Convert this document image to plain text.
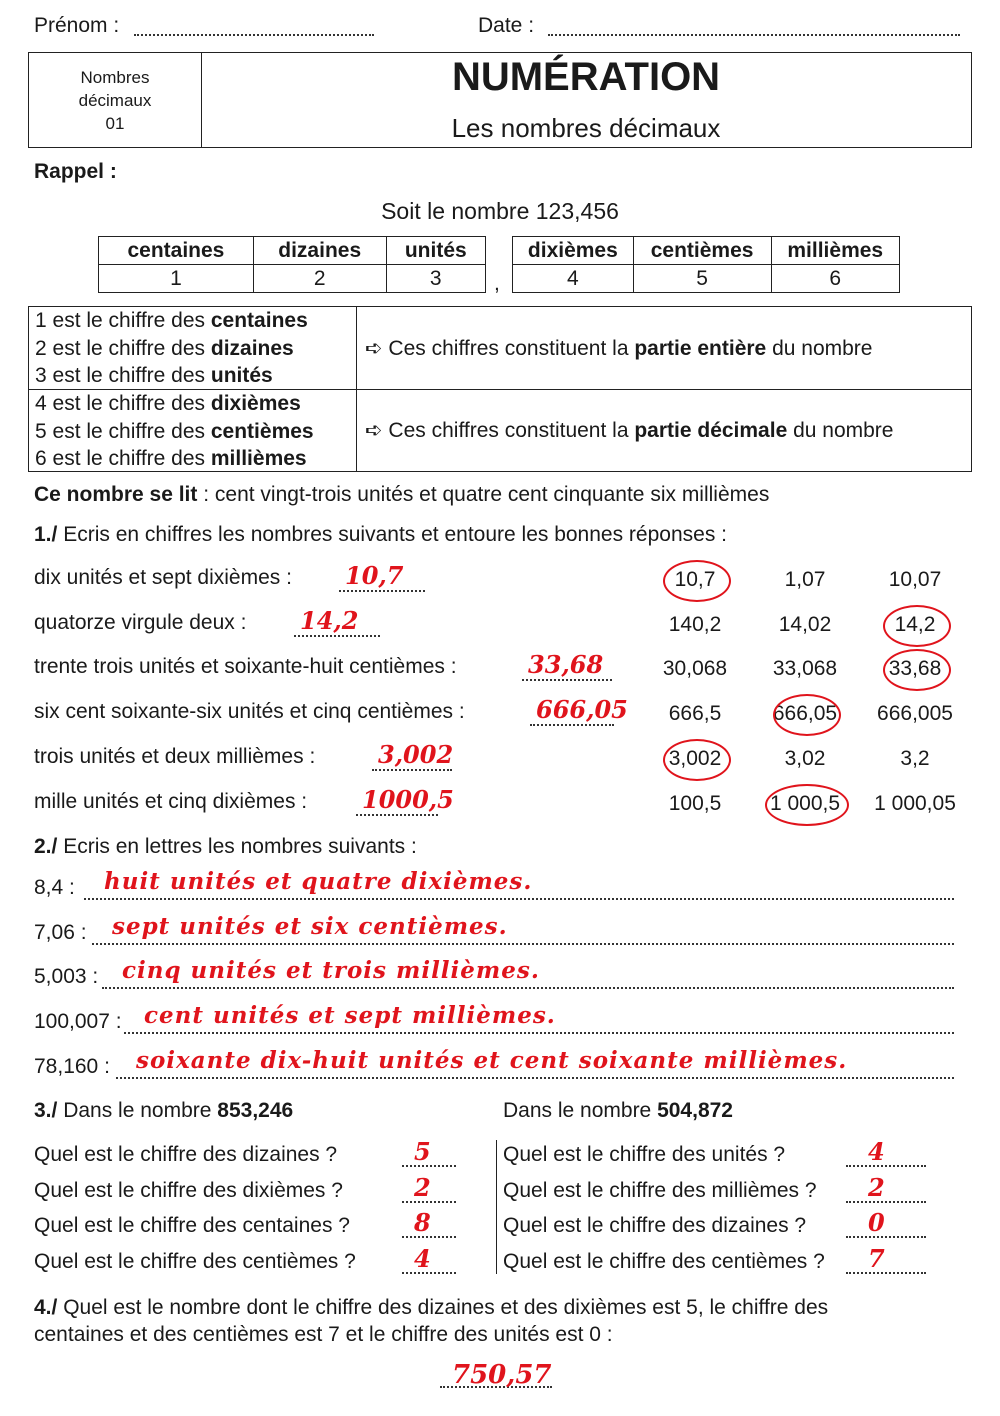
Prénom :	Date :
Nombres
décimaux
01
NUMÉRATION
Les nombres décimaux
Rappel :
Soit le nombre 123,456
centaines	dizaines	unités
1	2	3 ,
dixièmes	centièmes	millièmes
4	5	6
1 est le chiffre des centaines
2 est le chiffre des dizaines
3 est le chiffre des unités
➪ Ces chiffres constituent la partie entière du nombre
4 est le chiffre des dixièmes
5 est le chiffre des centièmes
6 est le chiffre des millièmes
➪ Ces chiffres constituent la partie décimale du nombre
Ce nombre se lit : cent vingt-trois unités et quatre cent cinquante six millièmes
1./ Ecris en chiffres les nombres suivants et entoure les bonnes réponses :
2./ Ecris en lettres les nombres suivants :
3./ Dans le nombre 853,246	Dans le nombre 504,872
4./ Quel est le nombre dont le chiffre des dizaines et des dixièmes est 5, le chiffre des
centaines et des centièmes est 7 et le chiffre des unités est 0 :
750,57
dix unités et sept dixièmes : 10,7	10,7	1,07	10,07
quatorze virgule deux : 14,2	140,2	14,02	14,2
trente trois unités et soixante-huit centièmes :	33,68	30,068	33,068	33,68
six cent soixante-six unités et cinq centièmes :	666,05	666,5	666,05	666,005
trois unités et deux millièmes :	3,002	3,002	3,02	3,2
mille unités et cinq dixièmes : 1000,5	100,5	1 000,5	1 000,05
8,4 : huit unités et quatre dixièmes.
7,06 : sept unités et six centièmes.
5,003 : cinq unités et trois millièmes.
100,007 : cent unités et sept millièmes.
78,160 : soixante dix-huit unités et cent soixante millièmes.
Quel est le chiffre des dizaines ?	5
Quel est le chiffre des dixièmes ?	2
Quel est le chiffre des centaines ?	8
Quel est le chiffre des centièmes ? 4
Quel est le chiffre des unités ?	4
Quel est le chiffre des millièmes ? 2
Quel est le chiffre des dizaines ?	0
Quel est le chiffre des centièmes ? 7
